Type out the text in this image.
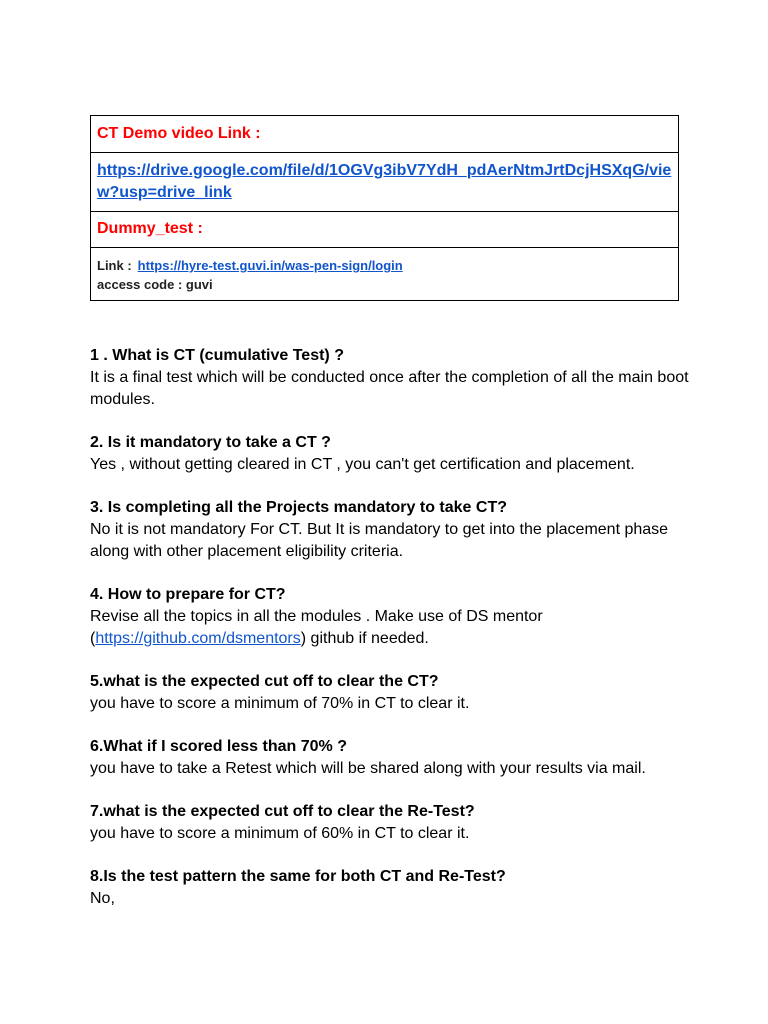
CT Demo video Link :
https://drive.google.com/file/d/1OGVg3ibV7YdH_pdAerNtmJrtDcjHSXqG/view?usp=drive_link
Dummy_test :
Link : https://hyre-test.guvi.in/was-pen-sign/login
access code : guvi
1 . What is CT (cumulative Test) ?
It is a final test which will be conducted once after the completion of all the main boot modules.
2. Is it mandatory to take a CT ?
Yes , without getting cleared in CT , you can't get certification and placement.
3. Is completing all the Projects mandatory to take CT?
No it is not mandatory For CT. But It is mandatory to get into the placement phase along with other placement eligibility criteria.
4. How to prepare for CT?
Revise all the topics in all the modules . Make use of DS mentor (https://github.com/dsmentors) github if needed.
5.what is the expected cut off to clear the CT?
you have to score a minimum of 70% in CT to clear it.
6.What if I scored less than 70% ?
you have to take a Retest which will be shared along with your results via mail.
7.what is the expected cut off to clear the Re-Test?
you have to score a minimum of 60% in CT to clear it.
8.Is the test pattern the same for both CT and Re-Test?
No,
